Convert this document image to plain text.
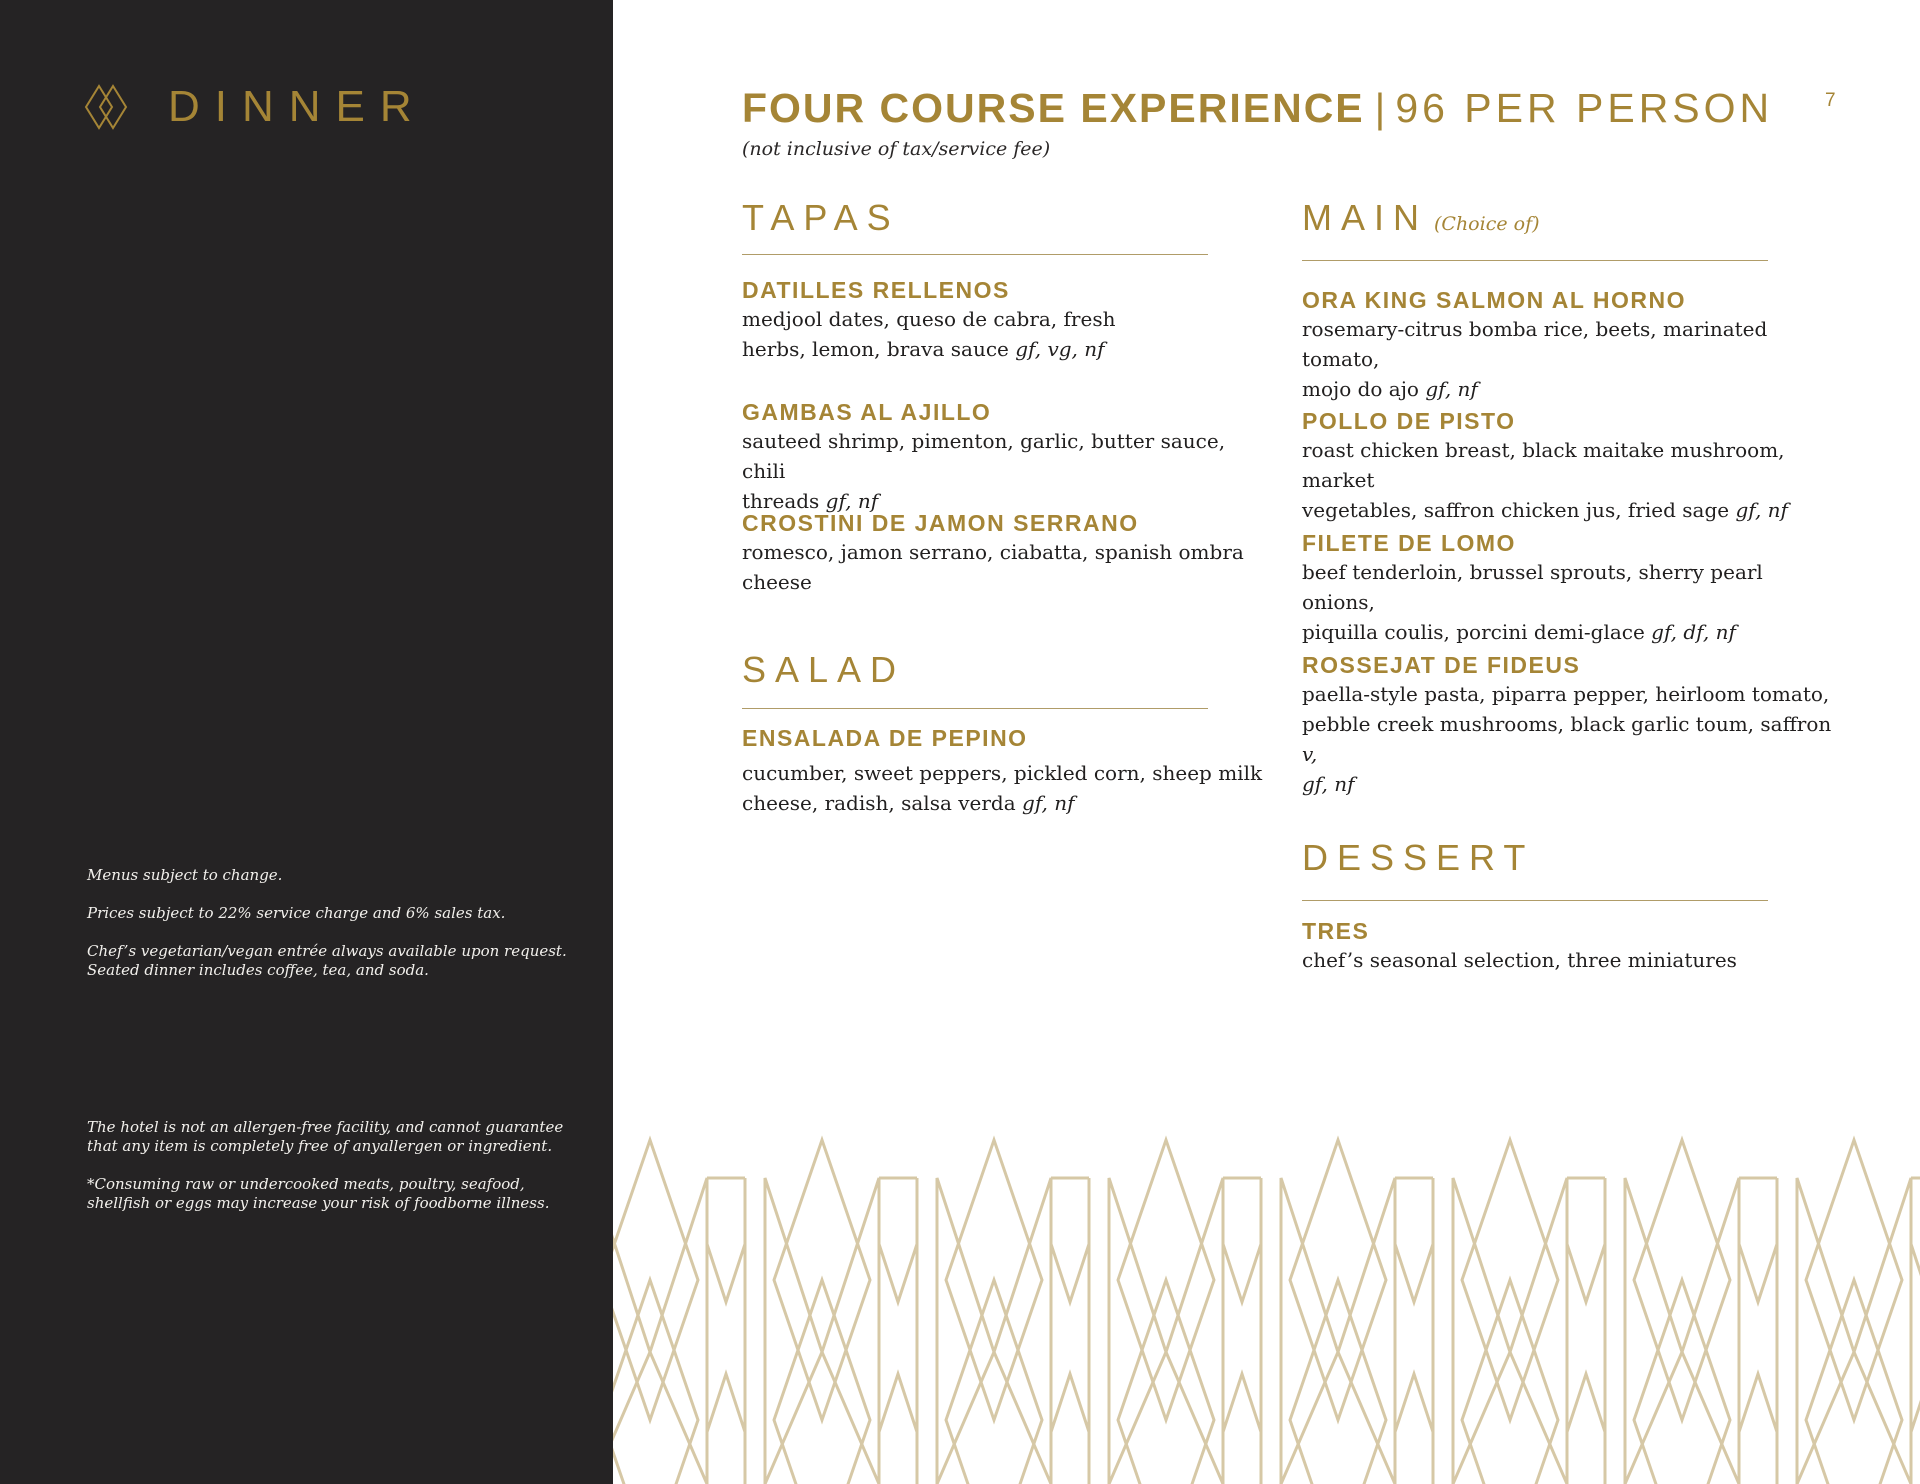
DINNER

Menus subject to change.

Prices subject to 22% service charge and 6% sales tax.

Chef’s vegetarian/vegan entrée always available upon request.
Seated dinner includes coffee, tea, and soda.

The hotel is not an allergen-free facility, and cannot guarantee
that any item is completely free of anyallergen or ingredient.

*Consuming raw or undercooked meats, poultry, seafood,
shellfish or eggs may increase your risk of foodborne illness.

7
FOUR COURSE EXPERIENCE | 96 PER PERSON
(not inclusive of tax/service fee)
TAPAS
DATILLES RELLENOS
medjool dates, queso de cabra, fresh
herbs, lemon, brava sauce gf, vg, nf
GAMBAS AL AJILLO
sauteed shrimp, pimenton, garlic, butter sauce, chili
threads gf, nf
CROSTINI DE JAMON SERRANO
romesco, jamon serrano, ciabatta, spanish ombra
cheese
SALAD
ENSALADA DE PEPINO
cucumber, sweet peppers, pickled corn, sheep milk
cheese, radish, salsa verda gf, nf
MAIN (Choice of)
ORA KING SALMON AL HORNO
rosemary-citrus bomba rice, beets, marinated tomato,
mojo do ajo gf, nf
POLLO DE PISTO
roast chicken breast, black maitake mushroom, market
vegetables, saffron chicken jus, fried sage gf, nf
FILETE DE LOMO
beef tenderloin, brussel sprouts, sherry pearl onions,
piquilla coulis, porcini demi-glace gf, df, nf
ROSSEJAT DE FIDEUS
paella-style pasta, piparra pepper, heirloom tomato,
pebble creek mushrooms, black garlic toum, saffron v,
gf, nf
DESSERT
TRES
chef’s seasonal selection, three miniatures
